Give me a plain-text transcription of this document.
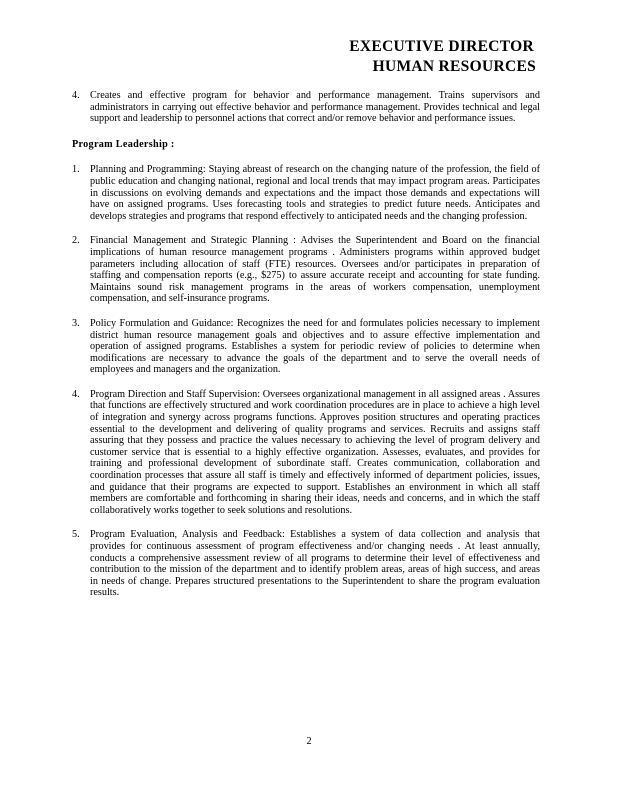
EXECUTIVE DIRECTOR

HUMAN RESOURCES

4. Creates and effective program for behavior and performance management. Trains supervisors and administrators in carrying out effective behavior and performance management. Provides technical and legal support and leadership to personnel actions that correct and/or remove behavior and performance issues.

Program Leadership :

1. Planning and Programming: Staying abreast of research on the changing nature of the profession, the field of public education and changing national, regional and local trends that may impact program areas. Participates in discussions on evolving demands and expectations and the impact those demands and expectations will have on assigned programs. Uses forecasting tools and strategies to predict future needs. Anticipates and develops strategies and programs that respond effectively to anticipated needs and the changing profession.

2. Financial Management and Strategic Planning : Advises the Superintendent and Board on the financial implications of human resource management programs . Administers programs within approved budget parameters including allocation of staff (FTE) resources. Oversees and/or participates in preparation of staffing and compensation reports (e.g., $275) to assure accurate receipt and accounting for state funding. Maintains sound risk management programs in the areas of workers compensation, unemployment compensation, and self-insurance programs.

3. Policy Formulation and Guidance: Recognizes the need for and formulates policies necessary to implement district human resource management goals and objectives and to assure effective implementation and operation of assigned programs. Establishes a system for periodic review of policies to determine when modifications are necessary to advance the goals of the department and to serve the overall needs of employees and managers and the organization.

4. Program Direction and Staff Supervision: Oversees organizational management in all assigned areas . Assures that functions are effectively structured and work coordination procedures are in place to achieve a high level of integration and synergy across programs functions. Approves position structures and operating practices essential to the development and delivering of quality programs and services. Recruits and assigns staff assuring that they possess and practice the values necessary to achieving the level of program delivery and customer service that is essential to a highly effective organization. Assesses, evaluates, and provides for training and professional development of subordinate staff. Creates communication, collaboration and coordination processes that assure all staff is timely and effectively informed of department policies, issues, and guidance that their programs are expected to support. Establishes an environment in which all staff members are comfortable and forthcoming in sharing their ideas, needs and concerns, and in which the staff collaboratively works together to seek solutions and resolutions.

5. Program Evaluation, Analysis and Feedback: Establishes a system of data collection and analysis that provides for continuous assessment of program effectiveness and/or changing needs . At least annually, conducts a comprehensive assessment review of all programs to determine their level of effectiveness and contribution to the mission of the department and to identify problem areas, areas of high success, and areas in needs of change. Prepares structured presentations to the Superintendent to share the program evaluation results.

2
